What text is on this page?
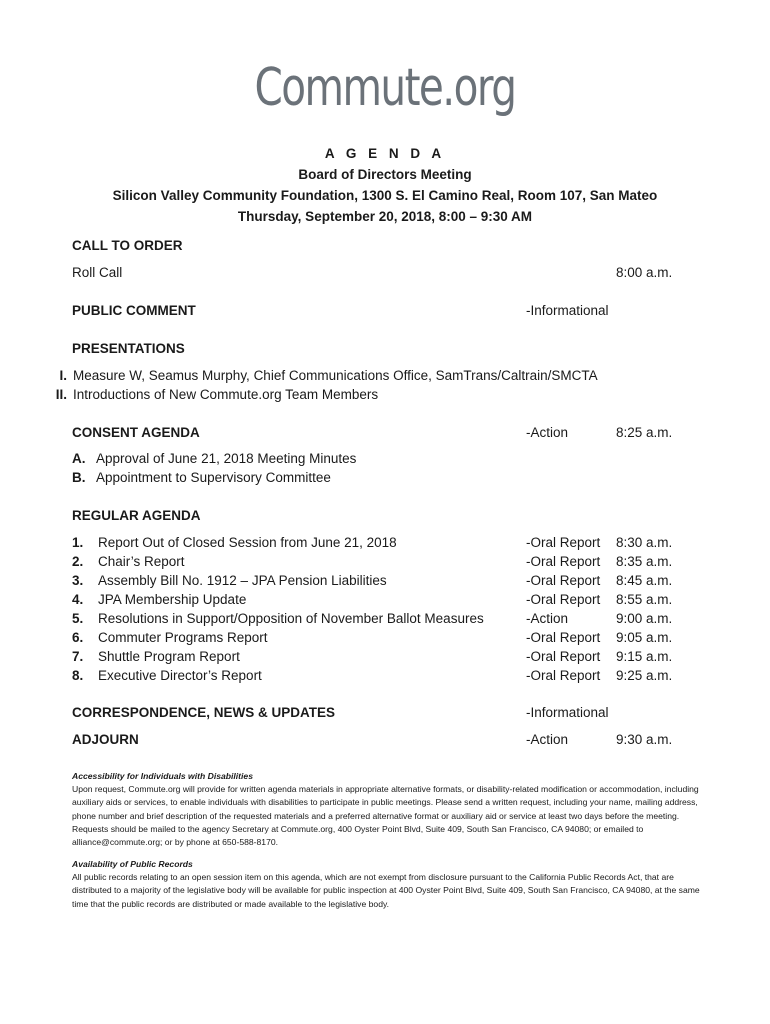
Commute.org
A G E N D A
Board of Directors Meeting
Silicon Valley Community Foundation, 1300 S. El Camino Real, Room 107, San Mateo
Thursday, September 20, 2018, 8:00 – 9:30 AM
CALL TO ORDER
Roll Call	8:00 a.m.
PUBLIC COMMENT	-Informational
PRESENTATIONS
I. Measure W, Seamus Murphy, Chief Communications Office, SamTrans/Caltrain/SMCTA
II. Introductions of New Commute.org Team Members
CONSENT AGENDA	-Action	8:25 a.m.
A. Approval of June 21, 2018 Meeting Minutes
B. Appointment to Supervisory Committee
REGULAR AGENDA
1. Report Out of Closed Session from June 21, 2018	-Oral Report 8:30 a.m.
2. Chair’s Report	-Oral Report 8:35 a.m.
3. Assembly Bill No. 1912 – JPA Pension Liabilities	-Oral Report 8:45 a.m.
4. JPA Membership Update	-Oral Report 8:55 a.m.
5. Resolutions in Support/Opposition of November Ballot Measures	-Action	9:00 a.m.
6. Commuter Programs Report	-Oral Report 9:05 a.m.
7. Shuttle Program Report	-Oral Report 9:15 a.m.
8. Executive Director’s Report	-Oral Report 9:25 a.m.
CORRESPONDENCE, NEWS & UPDATES	-Informational
ADJOURN	-Action	9:30 a.m.
Accessibility for Individuals with Disabilities
Upon request, Commute.org will provide for written agenda materials in appropriate alternative formats, or disability-related modification or accommodation, including auxiliary aids or services, to enable individuals with disabilities to participate in public meetings. Please send a written request, including your name, mailing address, phone number and brief description of the requested materials and a preferred alternative format or auxiliary aid or service at least two days before the meeting. Requests should be mailed to the agency Secretary at Commute.org, 400 Oyster Point Blvd, Suite 409, South San Francisco, CA 94080; or emailed to alliance@commute.org; or by phone at 650-588-8170.
Availability of Public Records
All public records relating to an open session item on this agenda, which are not exempt from disclosure pursuant to the California Public Records Act, that are distributed to a majority of the legislative body will be available for public inspection at 400 Oyster Point Blvd, Suite 409, South San Francisco, CA 94080, at the same time that the public records are distributed or made available to the legislative body.
